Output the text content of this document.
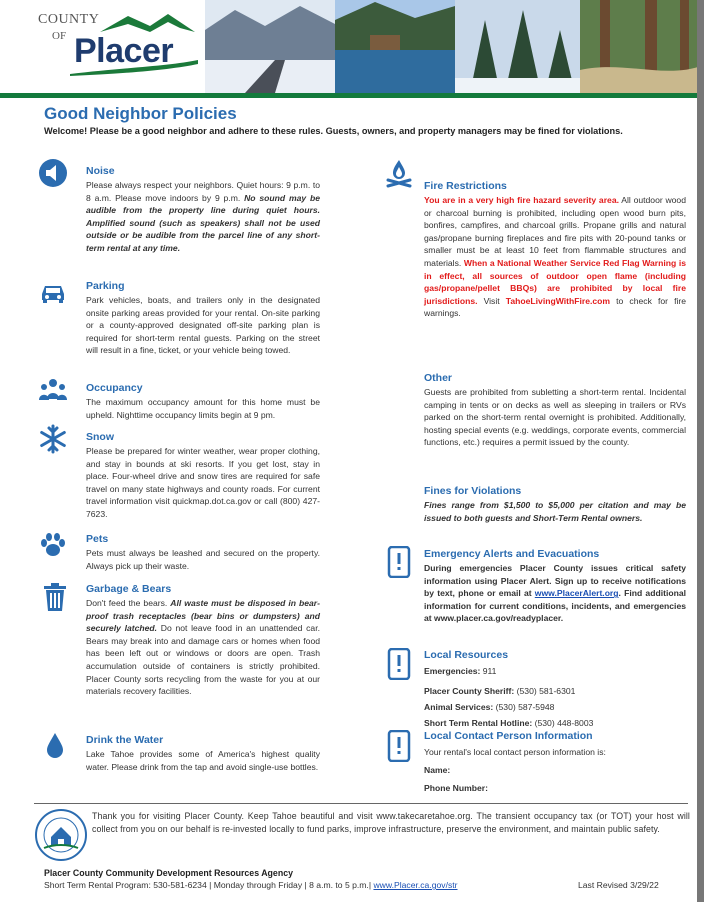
COUNTY
OF Placer
Good Neighbor Policies

Welcome! Please be a good neighbor and adhere to these rules. Guests, owners, and property managers may be fined for violations.

Noise
Please always respect your neighbors. Quiet hours: 9 p.m. to 8 a.m. Please move indoors by 9 p.m. No sound may be audible from the property line during quiet hours. Amplified sound (such as speakers) shall not be used outside or be audible from the parcel line of any short-term rental at any time.
Parking
Park vehicles, boats, and trailers only in the designated onsite parking areas provided for your rental. On-site parking or a county-approved designated off-site parking plan is required for short-term rental guests. Parking on the street will result in a fine, ticket, or your vehicle being towed.
Occupancy
The maximum occupancy amount for this home must be upheld. Nighttime occupancy limits begin at 9 pm.
Snow
Please be prepared for winter weather, wear proper clothing, and stay in bounds at ski resorts. If you get lost, stay in place. Four-wheel drive and snow tires are required for safe travel on many state highways and county roads. For current travel information visit quickmap.dot.ca.gov or call (800) 427-7623.
Pets
Pets must always be leashed and secured on the property. Always pick up their waste.
Garbage & Bears
Don't feed the bears. All waste must be disposed in bear-proof trash receptacles (bear bins or dumpsters) and securely latched. Do not leave food in an unattended car. Bears may break into and damage cars or homes when food has been left out or windows or doors are open. Trash accumulation outside of containers is strictly prohibited. Placer County sorts recycling from the waste for you at our materials recovery facilities.
Drink the Water
Lake Tahoe provides some of America's highest quality water. Please drink from the tap and avoid single-use bottles.
Fire Restrictions
You are in a very high fire hazard severity area. All outdoor wood or charcoal burning is prohibited, including open wood burn pits, bonfires, campfires, and charcoal grills. Propane grills and natural gas/propane burning fireplaces and fire pits with 20-pound tanks or smaller must be at least 10 feet from flammable structures and materials. When a National Weather Service Red Flag Warning is in effect, all sources of outdoor open flame (including gas/propane/pellet BBQs) are prohibited by local fire jurisdictions. Visit TahoeLivingWithFire.com to check for fire warnings.
Other
Guests are prohibited from subletting a short-term rental. Incidental camping in tents or on decks as well as sleeping in trailers or RVs parked on the short-term rental overnight is prohibited. Additionally, hosting special events (e.g. weddings, corporate events, commercial functions, etc.) requires a permit issued by the county.
Fines for Violations
Fines range from $1,500 to $5,000 per citation and may be issued to both guests and Short-Term Rental owners.
Emergency Alerts and Evacuations
During emergencies Placer County issues critical safety information using Placer Alert. Sign up to receive notifications by text, phone or email at www.PlacerAlert.org. Find additional information for current conditions, incidents, and emergencies at www.placer.ca.gov/readyplacer.
Local Resources
Emergencies: 911
Placer County Sheriff: (530) 581-6301
Animal Services: (530) 587-5948
Short Term Rental Hotline: (530) 448-8003
Local Contact Person Information
Your rental's local contact person information is:
Name:
Phone Number:

Thank you for visiting Placer County. Keep Tahoe beautiful and visit www.takecaretahoe.org. The transient occupancy tax (or TOT) your host will collect from you on our behalf is re-invested locally to fund parks, improve infrastructure, preserve the environment, and maintain public safety.

Placer County Community Development Resources Agency
Short Term Rental Program: 530-581-6234 | Monday through Friday | 8 a.m. to 5 p.m.| www.Placer.ca.gov/str	Last Revised 3/29/22
